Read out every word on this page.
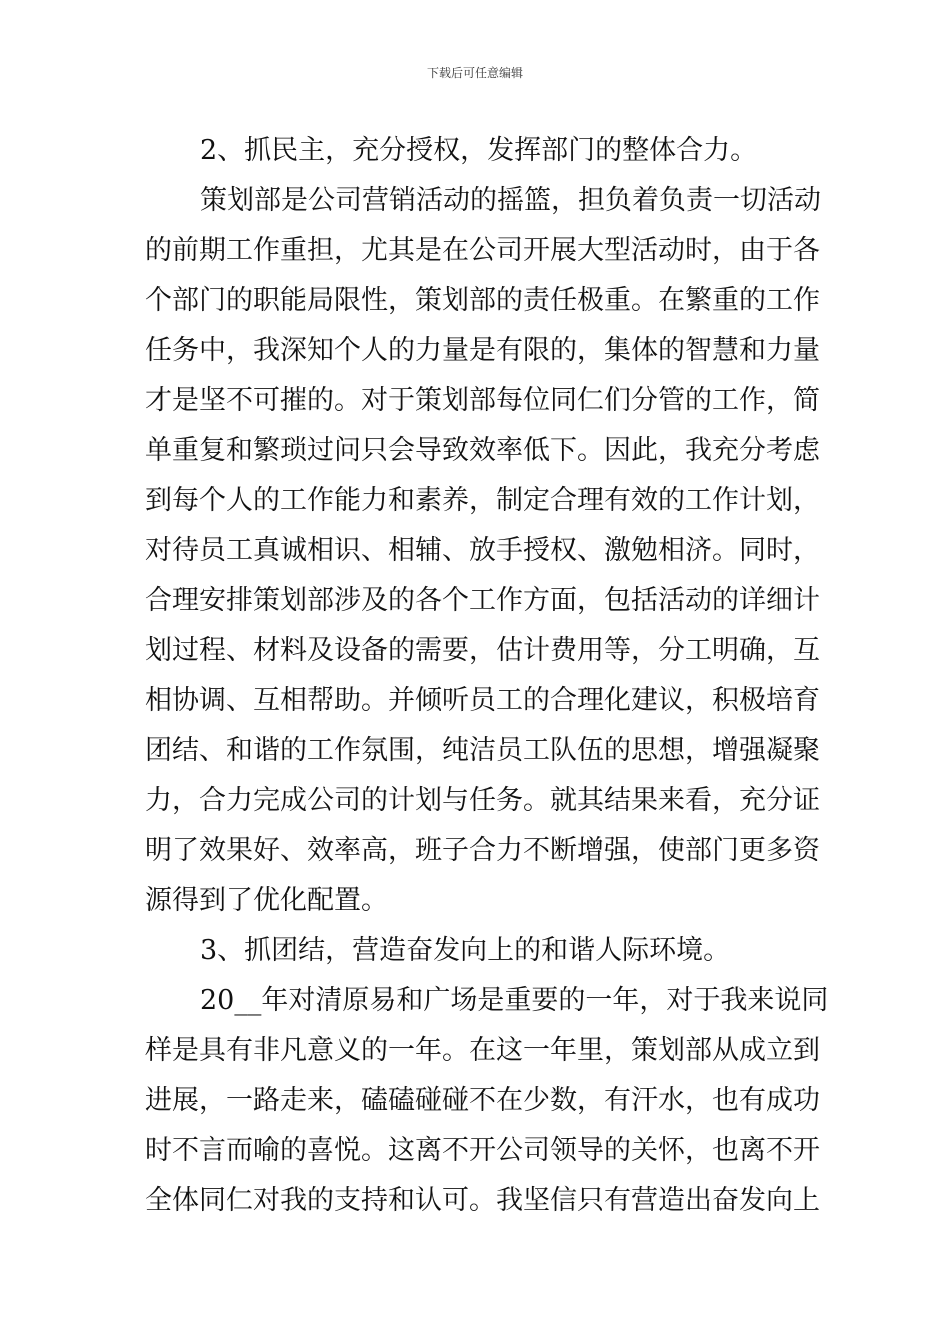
下载后可任意编辑
2、抓民主，充分授权，发挥部门的整体合力。
策划部是公司营销活动的摇篮，担负着负责一切活动
的前期工作重担，尤其是在公司开展大型活动时，由于各
个部门的职能局限性，策划部的责任极重。在繁重的工作
任务中，我深知个人的力量是有限的，集体的智慧和力量
才是坚不可摧的。对于策划部每位同仁们分管的工作，简
单重复和繁琐过问只会导致效率低下。因此，我充分考虑
到每个人的工作能力和素养，制定合理有效的工作计划，
对待员工真诚相识、相辅、放手授权、激勉相济。同时，
合理安排策划部涉及的各个工作方面，包括活动的详细计
划过程、材料及设备的需要，估计费用等，分工明确，互
相协调、互相帮助。并倾听员工的合理化建议，积极培育
团结、和谐的工作氛围，纯洁员工队伍的思想，增强凝聚
力，合力完成公司的计划与任务。就其结果来看，充分证
明了效果好、效率高，班子合力不断增强，使部门更多资
源得到了优化配置。
3、抓团结，营造奋发向上的和谐人际环境。
20__年对清原易和广场是重要的一年，对于我来说同
样是具有非凡意义的一年。在这一年里，策划部从成立到
进展，一路走来，磕磕碰碰不在少数，有汗水，也有成功
时不言而喻的喜悦。这离不开公司领导的关怀，也离不开
全体同仁对我的支持和认可。我坚信只有营造出奋发向上
